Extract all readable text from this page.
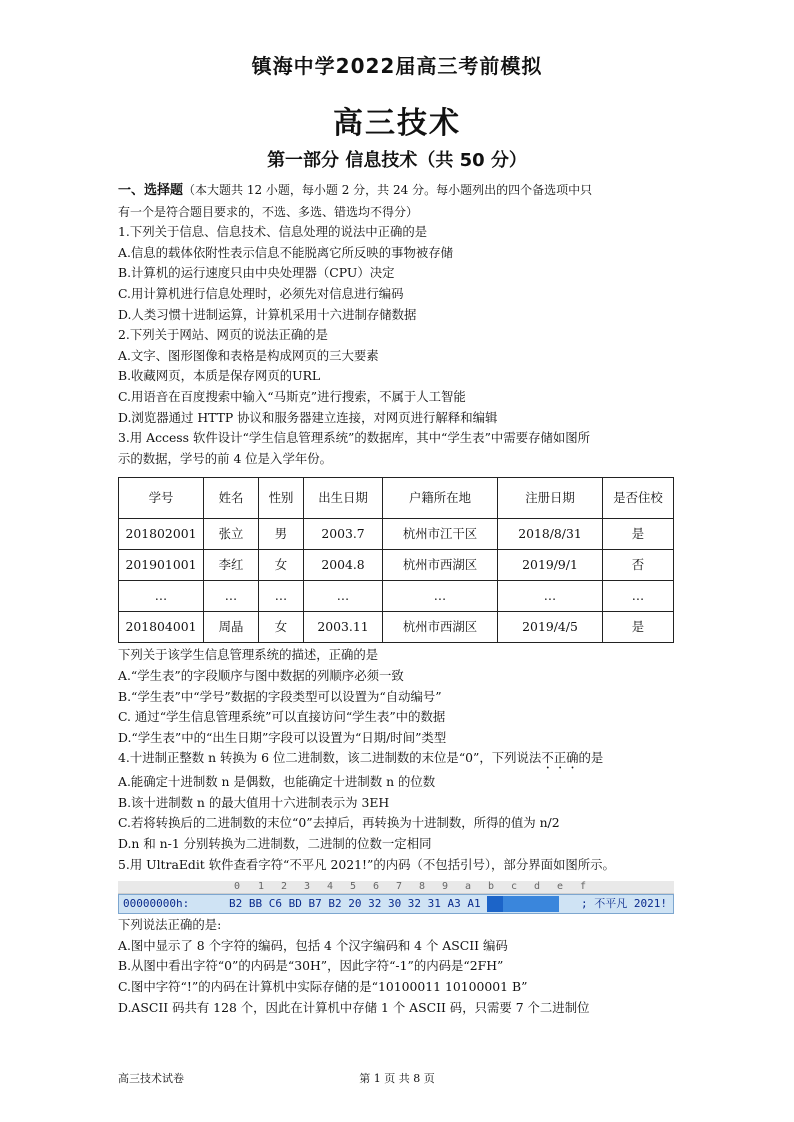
镇海中学2022届高三考前模拟
高三技术
第一部分 信息技术（共 50 分）
一、选择题（本大题共 12 小题，每小题 2 分，共 24 分。每小题列出的四个备选项中只
有一个是符合题目要求的，不选、多选、错选均不得分）
1.下列关于信息、信息技术、信息处理的说法中正确的是
A.信息的载体依附性表示信息不能脱离它所反映的事物被存储
B.计算机的运行速度只由中央处理器（CPU）决定
C.用计算机进行信息处理时，必须先对信息进行编码
D.人类习惯十进制运算，计算机采用十六进制存储数据
2.下列关于网站、网页的说法正确的是
A.文字、图形图像和表格是构成网页的三大要素
B.收藏网页，本质是保存网页的URL
C.用语音在百度搜索中输入“马斯克”进行搜索，不属于人工智能
D.浏览器通过 HTTP 协议和服务器建立连接，对网页进行解释和编辑
3.用 Access 软件设计“学生信息管理系统”的数据库，其中“学生表”中需要存储如图所
示的数据，学号的前 4 位是入学年份。
学号	姓名	性别	出生日期	户籍所在地	注册日期	是否住校
201802001	张立	男	2003.7	杭州市江干区	2018/8/31	是
201901001	李红	女	2004.8	杭州市西湖区	2019/9/1	否
…	…	…	…	…	…	…
201804001	周晶	女	2003.11	杭州市西湖区	2019/4/5	是
下列关于该学生信息管理系统的描述，正确的是
A.“学生表”的字段顺序与图中数据的列顺序必须一致
B.“学生表”中“学号”数据的字段类型可以设置为“自动编号”
C. 通过“学生信息管理系统”可以直接访问“学生表”中的数据
D.“学生表”中的“出生日期”字段可以设置为“日期/时间”类型
4.十进制正整数 n 转换为 6 位二进制数，该二进制数的末位是“0”，下列说法不正确的是
A.能确定十进制数 n 是偶数，也能确定十进制数 n 的位数
B.该十进制数 n 的最大值用十六进制表示为 3EH
C.若将转换后的二进制数的末位“0”去掉后，再转换为十进制数，所得的值为 n/2
D.n 和 n-1 分别转换为二进制数，二进制的位数一定相同
5.用 UltraEdit 软件查看字符“不平凡 2021!”的内码（不包括引号），部分界面如图所示。
0 1 2 3 4 5 6 7 8 9 a b c d e f
00000000h:	B2 BB C6 BD B7 B2 20 32 30 32 31 A3 A1	; 不平凡 2021!
下列说法正确的是:
A.图中显示了 8 个字符的编码，包括 4 个汉字编码和 4 个 ASCII 编码
B.从图中看出字符“0”的内码是“30H”，因此字符“-1”的内码是“2FH”
C.图中字符“!”的内码在计算机中实际存储的是“10100011 10100001 B”
D.ASCII 码共有 128 个，因此在计算机中存储 1 个 ASCII 码，只需要 7 个二进制位
高三技术试卷	第 1 页 共 8 页
